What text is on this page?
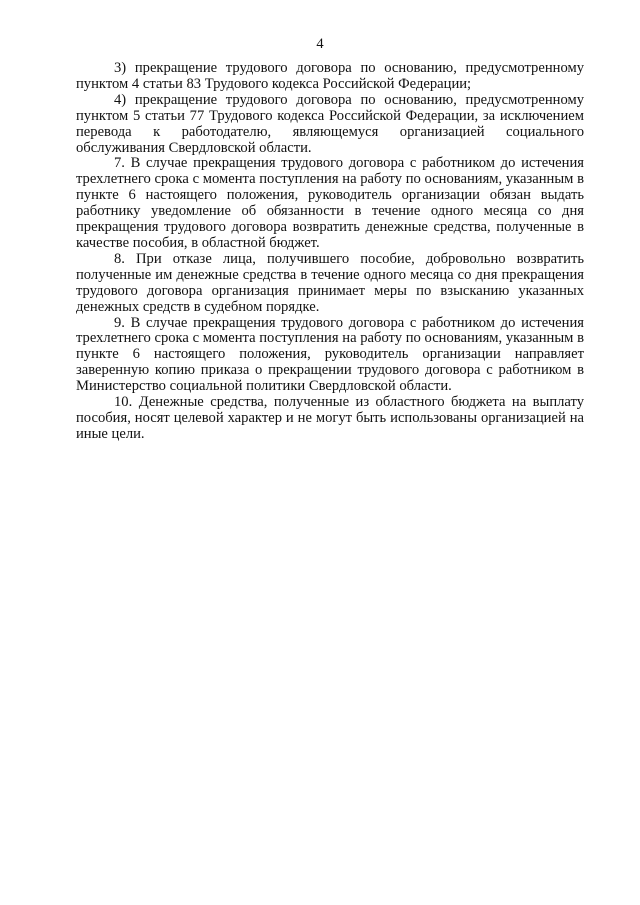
4

3) прекращение трудового договора по основанию, предусмотренному пунктом 4 статьи 83 Трудового кодекса Российской Федерации;

4) прекращение трудового договора по основанию, предусмотренному пунктом 5 статьи 77 Трудового кодекса Российской Федерации, за исключением перевода к работодателю, являющемуся организацией социального обслуживания Свердловской области.

7. В случае прекращения трудового договора с работником до истечения трехлетнего срока с момента поступления на работу по основаниям, указанным в пункте 6 настоящего положения, руководитель организации обязан выдать работнику уведомление об обязанности в течение одного месяца со дня прекращения трудового договора возвратить денежные средства, полученные в качестве пособия, в областной бюджет.

8. При отказе лица, получившего пособие, добровольно возвратить полученные им денежные средства в течение одного месяца со дня прекращения трудового договора организация принимает меры по взысканию указанных денежных средств в судебном порядке.

9. В случае прекращения трудового договора с работником до истечения трехлетнего срока с момента поступления на работу по основаниям, указанным в пункте 6 настоящего положения, руководитель организации направляет заверенную копию приказа о прекращении трудового договора с работником в Министерство социальной политики Свердловской области.

10. Денежные средства, полученные из областного бюджета на выплату пособия, носят целевой характер и не могут быть использованы организацией на иные цели.
